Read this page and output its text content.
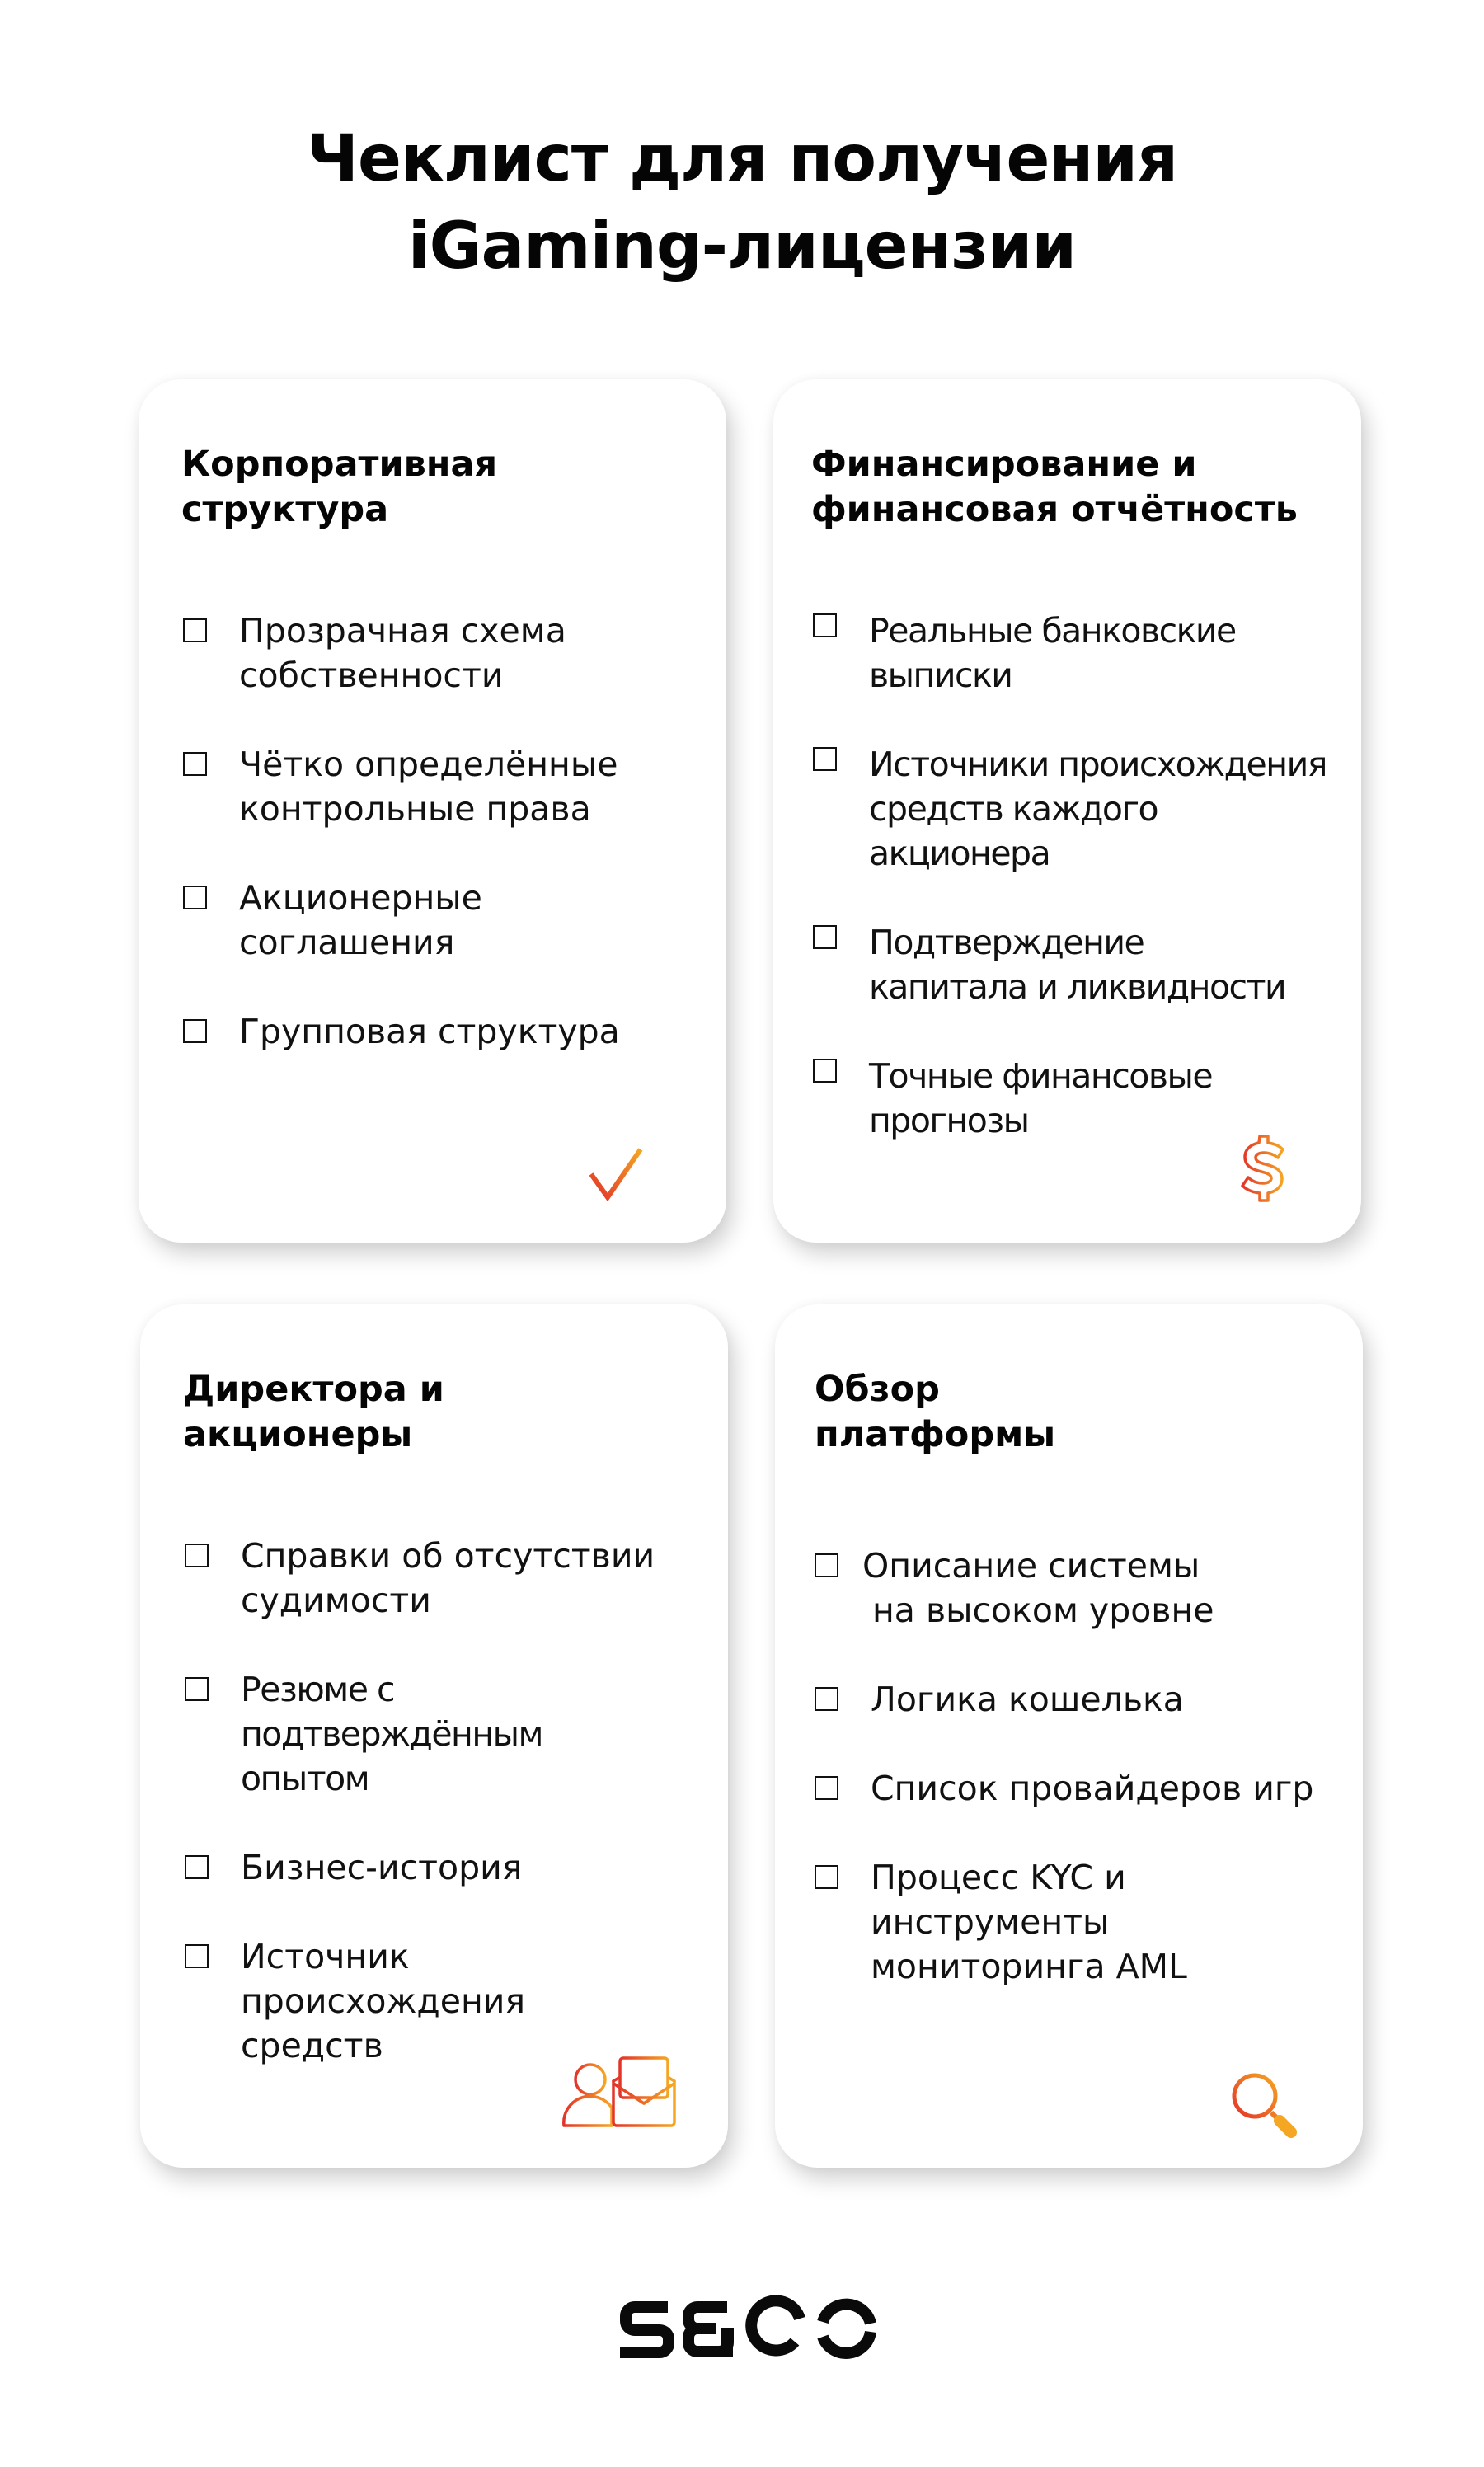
Чеклист для получения
iGaming-лицензии
Корпоративная
структура
Прозрачная схема
собственности
Чётко определённые
контрольные права
Акционерные
соглашения
Групповая структура
Финансирование и
финансовая отчётность
Реальные банковские
выписки
Источники происхождения
средств каждого
акционера
Подтверждение
капитала и ликвидности
Точные финансовые
прогнозы
Директора и
акционеры
Справки об отсутствии
судимости
Резюме с подтверждённым
опытом
Бизнес-история
Источник происхождения
средств
Обзор
платформы
Описание системы
на высоком уровне
Логика кошелька
Список провайдеров игр
Процесс KYC и
инструменты
мониторинга AML
